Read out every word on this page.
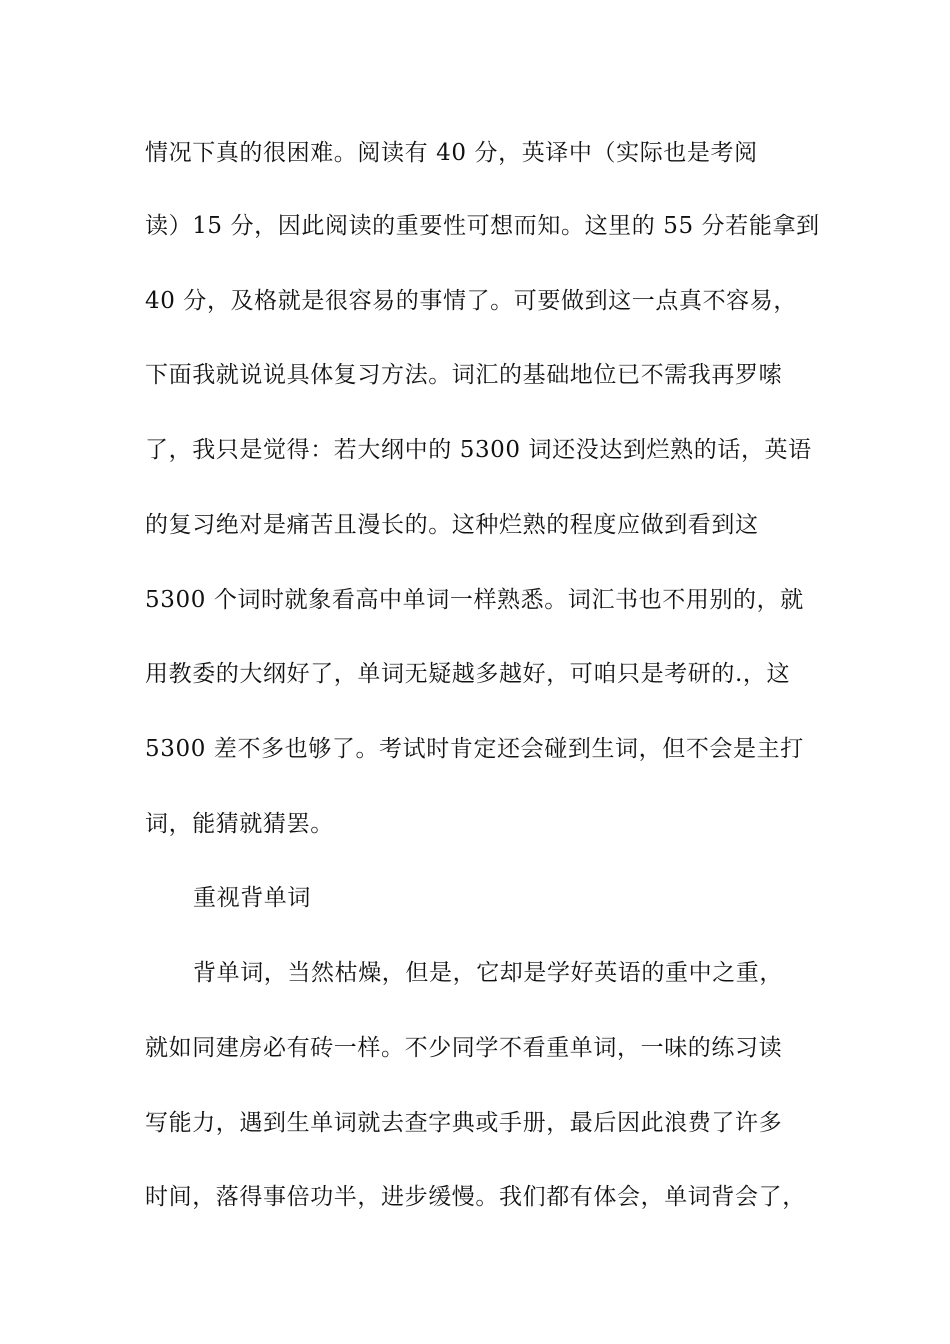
情况下真的很困难。阅读有 40 分，英译中（实际也是考阅
读）15 分，因此阅读的重要性可想而知。这里的 55 分若能拿到
40 分，及格就是很容易的事情了。可要做到这一点真不容易，
下面我就说说具体复习方法。词汇的基础地位已不需我再罗嗦
了，我只是觉得：若大纲中的 5300 词还没达到烂熟的话，英语
的复习绝对是痛苦且漫长的。这种烂熟的程度应做到看到这
5300 个词时就象看高中单词一样熟悉。词汇书也不用别的，就
用教委的大纲好了，单词无疑越多越好，可咱只是考研的.，这
5300 差不多也够了。考试时肯定还会碰到生词，但不会是主打
词，能猜就猜罢。
重视背单词
背单词，当然枯燥，但是，它却是学好英语的重中之重，
就如同建房必有砖一样。不少同学不看重单词，一味的练习读
写能力，遇到生单词就去查字典或手册，最后因此浪费了许多
时间，落得事倍功半，进步缓慢。我们都有体会，单词背会了，
